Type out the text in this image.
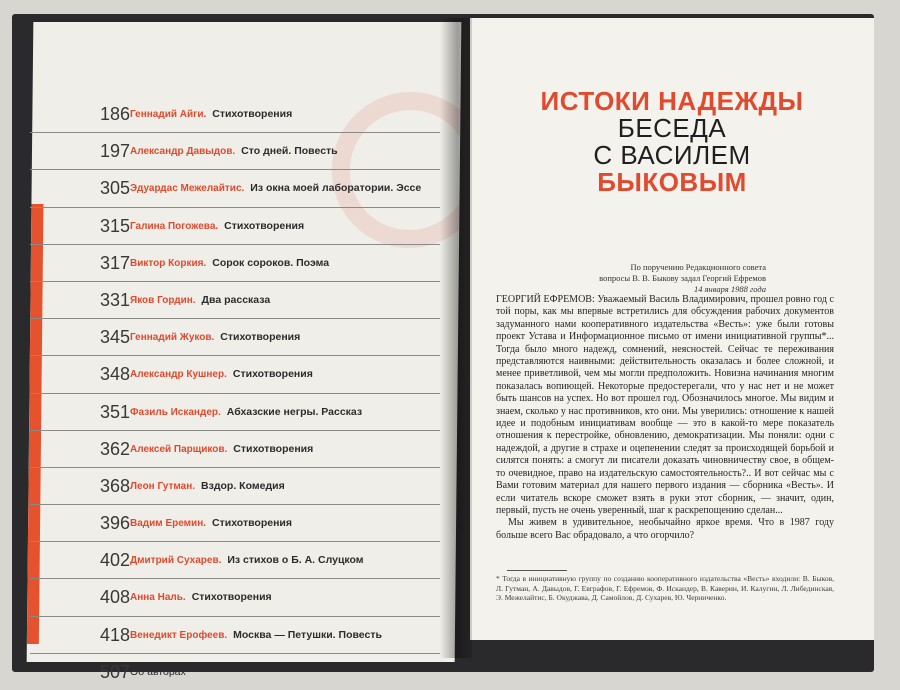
186 Геннадий Айги. Стихотворения
197 Александр Давыдов. Сто дней. Повесть
305 Эдуардас Межелайтис. Из окна моей лаборатории. Эссе
315 Галина Погожева. Стихотворения
317 Виктор Коркия. Сорок сороков. Поэма
331 Яков Гордин. Два рассказа
345 Геннадий Жуков. Стихотворения
348 Александр Кушнер. Стихотворения
351 Фазиль Искандер. Абхазские негры. Рассказ
362 Алексей Парщиков. Стихотворения
368 Леон Гутман. Вздор. Комедия
396 Вадим Еремин. Стихотворения
402 Дмитрий Сухарев. Из стихов о Б. А. Слуцком
408 Анна Наль. Стихотворения
418 Венедикт Ерофеев. Москва — Петушки. Повесть
507 Об авторах
ИСТОКИ НАДЕЖДЫ
БЕСЕДА
С ВАСИЛЕМ
БЫКОВЫМ
По поручению Редакционного совета
вопросы В. В. Быкову задал Георгий Ефремов
14 января 1988 года

ГЕОРГИЙ ЕФРЕМОВ: Уважаемый Василь Владимирович, прошел ровно год с той поры, как мы впервые встретились для обсуждения рабочих документов задуманного нами кооперативного издательства «Весть»: уже были готовы проект Устава и Информационное письмо от имени инициативной группы*... Тогда было много надежд, сомнений, неясностей. Сейчас те переживания представляются наивными: действительность оказалась и более сложной, и менее приветливой, чем мы могли предположить. Новизна начинания многим показалась вопиющей. Некоторые предостерегали, что у нас нет и не может быть шансов на успех. Но вот прошел год. Обозначилось многое. Мы видим и знаем, сколько у нас противников, кто они. Мы уверились: отношение к нашей идее и подобным инициативам вообще — это в какой-то мере показатель отношения к перестройке, обновлению, демократизации. Мы поняли: одни с надеждой, а другие в страхе и оцепенении следят за происходящей борьбой и силятся понять: а смогут ли писатели доказать чиновничеству свое, в общем-то очевидное, право на издательскую самостоятельность?.. И вот сейчас мы с Вами готовим материал для нашего первого издания — сборника «Весть». И если читатель вскоре сможет взять в руки этот сборник, — значит, один, первый, пусть не очень уверенный, шаг к раскрепощению сделан...

Мы живем в удивительное, необычайно яркое время. Что в 1987 году больше всего Вас обрадовало, а что огорчило?

* Тогда в инициативную группу по созданию кооперативного издательства «Весть» входили: В. Быков, Л. Гутман, А. Давыдов, Г. Евграфов, Г. Ефремов, Ф. Искандер, В. Каверин, И. Калугин, Л. Либединская, Э. Межелайтис, Б. Окуджава, Д. Самойлов, Д. Сухарев, Ю. Черниченко.
